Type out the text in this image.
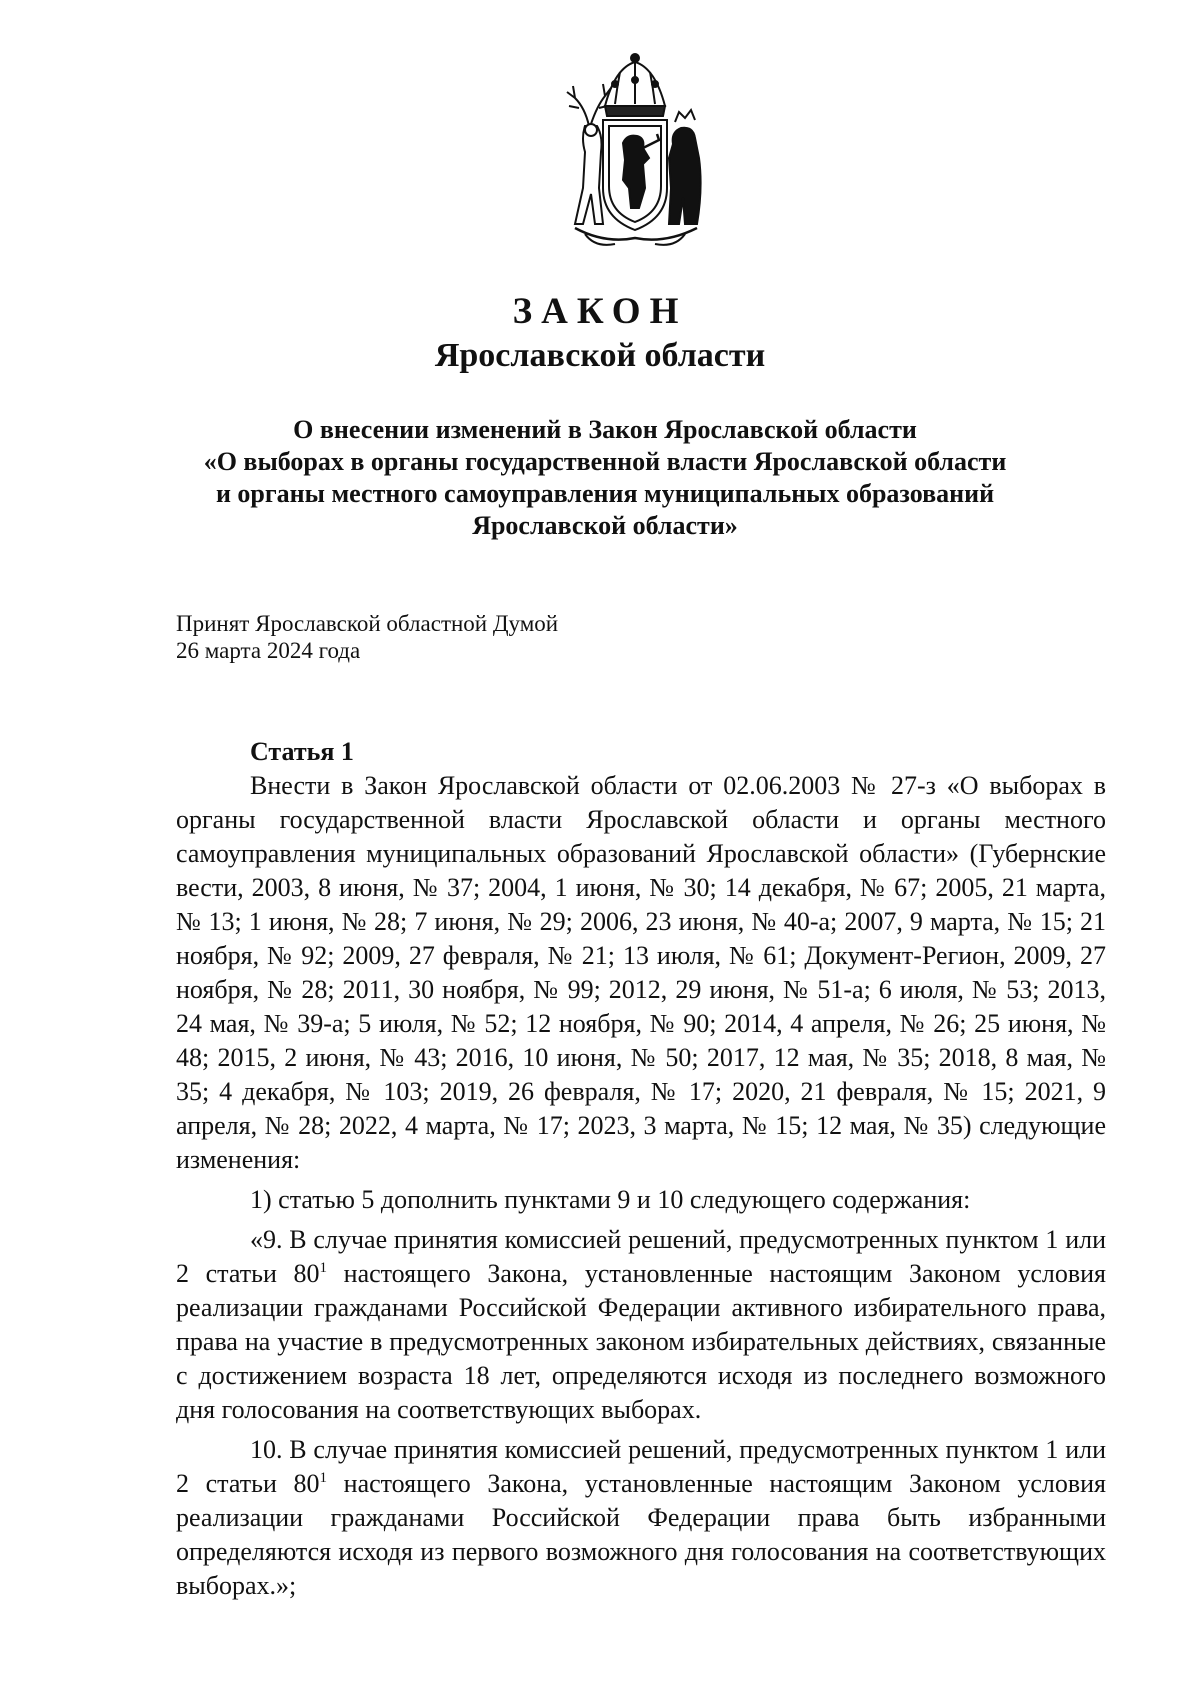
ЗАКОН
Ярославской области
О внесении изменений в Закон Ярославской области
«О выборах в органы государственной власти Ярославской области
и органы местного самоуправления муниципальных образований
Ярославской области»
Принят Ярославской областной Думой
26 марта 2024 года
Статья 1

Внести в Закон Ярославской области от 02.06.2003 № 27-з «О выборах в органы государственной власти Ярославской области и органы местного самоуправления муниципальных образований Ярославской области» (Губернские вести, 2003, 8 июня, № 37; 2004, 1 июня, № 30; 14 декабря, № 67; 2005, 21 марта, № 13; 1 июня, № 28; 7 июня, № 29; 2006, 23 июня, № 40-а; 2007, 9 марта, № 15; 21 ноября, № 92; 2009, 27 февраля, № 21; 13 июля, № 61; Документ-Регион, 2009, 27 ноября, № 28; 2011, 30 ноября, № 99; 2012, 29 июня, № 51-а; 6 июля, № 53; 2013, 24 мая, № 39-а; 5 июля, № 52; 12 ноября, № 90; 2014, 4 апреля, № 26; 25 июня, № 48; 2015, 2 июня, № 43; 2016, 10 июня, № 50; 2017, 12 мая, № 35; 2018, 8 мая, № 35; 4 декабря, № 103; 2019, 26 февраля, № 17; 2020, 21 февраля, № 15; 2021, 9 апреля, № 28; 2022, 4 марта, № 17; 2023, 3 марта, № 15; 12 мая, № 35) следующие изменения:

1) статью 5 дополнить пунктами 9 и 10 следующего содержания:

«9. В случае принятия комиссией решений, предусмотренных пунктом 1 или 2 статьи $80^1$ настоящего Закона, установленные настоящим Законом условия реализации гражданами Российской Федерации активного избирательного права, права на участие в предусмотренных законом избирательных действиях, связанные с достижением возраста 18 лет, определяются исходя из последнего возможного дня голосования на соответствующих выборах.

10. В случае принятия комиссией решений, предусмотренных пунктом 1 или 2 статьи $80^1$ настоящего Закона, установленные настоящим Законом условия реализации гражданами Российской Федерации права быть избранными определяются исходя из первого возможного дня голосования на соответствующих выборах.»;
